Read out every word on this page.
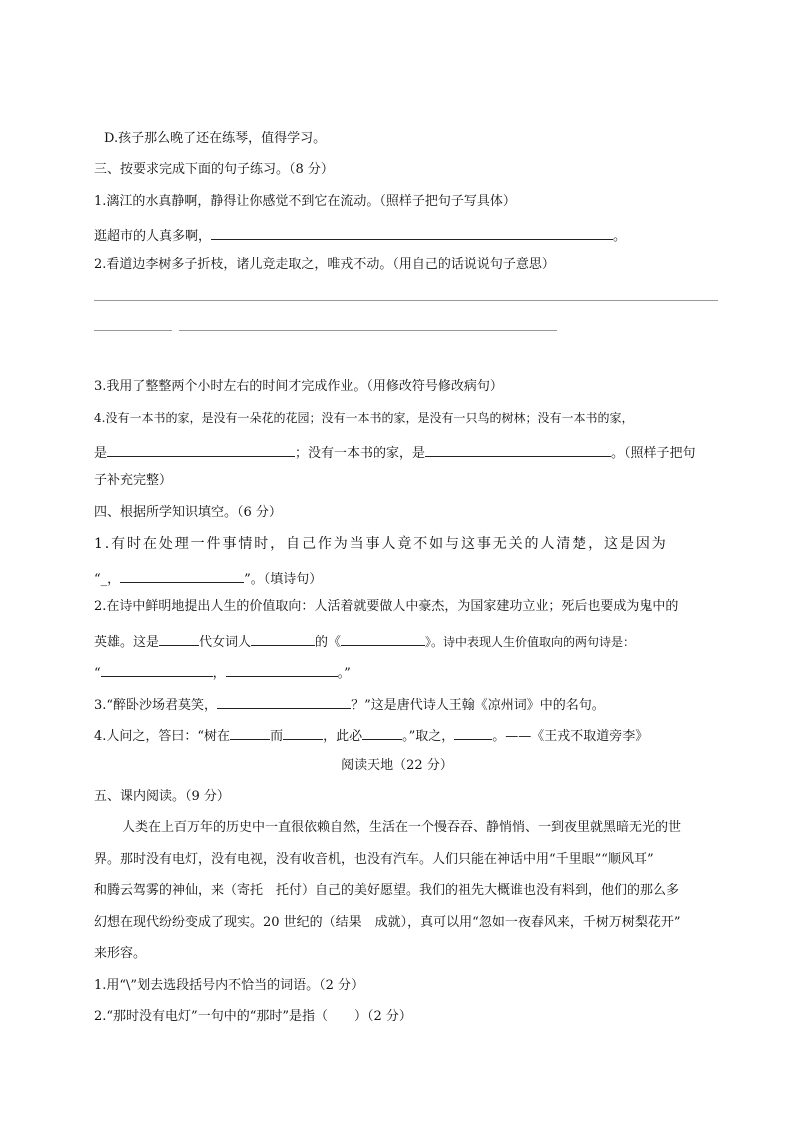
D.孩子那么晚了还在练琴，值得学习。
三、按要求完成下面的句子练习。（8 分）
1.漓江的水真静啊，静得让你感觉不到它在流动。（照样子把句子写具体）
逛超市的人真多啊，	。
2.看道边李树多子折枝，诸儿竞走取之，唯戎不动。（用自己的话说说句子意思）
3.我用了整整两个小时左右的时间才完成作业。（用修改符号修改病句）
4.没有一本书的家，是没有一朵花的花园；没有一本书的家，是没有一只鸟的树林；没有一本书的家，
是	；没有一本书的家，是	。（照样子把句
子补充完整）
四、根据所学知识填空。（6 分）
1.有时在处理一件事情时，自己作为当事人竟不如与这事无关的人清楚，这是因为
“_，	”。（填诗句）
2.在诗中鲜明地提出人生的价值取向：人活着就要做人中豪杰，为国家建功立业；死后也要成为鬼中的
英雄。这是	代女词人	的《	》。诗中表现人生价值取向的两句诗是：
“	，	。”
3.“醉卧沙场君莫笑，	？”这是唐代诗人王翰《凉州词》中的名句。
4.人问之，答曰：“树在	而	，此必	。”取之，	。——《王戎不取道旁李》
阅读天地（22 分）
五、课内阅读。（9 分）
人类在上百万年的历史中一直很依赖自然，生活在一个慢吞吞、静悄悄、一到夜里就黑暗无光的世
界。那时没有电灯，没有电视，没有收音机，也没有汽车。人们只能在神话中用“千里眼”“顺风耳”
和腾云驾雾的神仙，来（寄托　托付）自己的美好愿望。我们的祖先大概谁也没有料到，他们的那么多
幻想在现代纷纷变成了现实。20 世纪的（结果　成就），真可以用“忽如一夜春风来，千树万树梨花开”
来形容。
1.用“\”划去选段括号内不恰当的词语。（2 分）
2.“那时没有电灯”一句中的“那时”是指（　　）（2 分）
